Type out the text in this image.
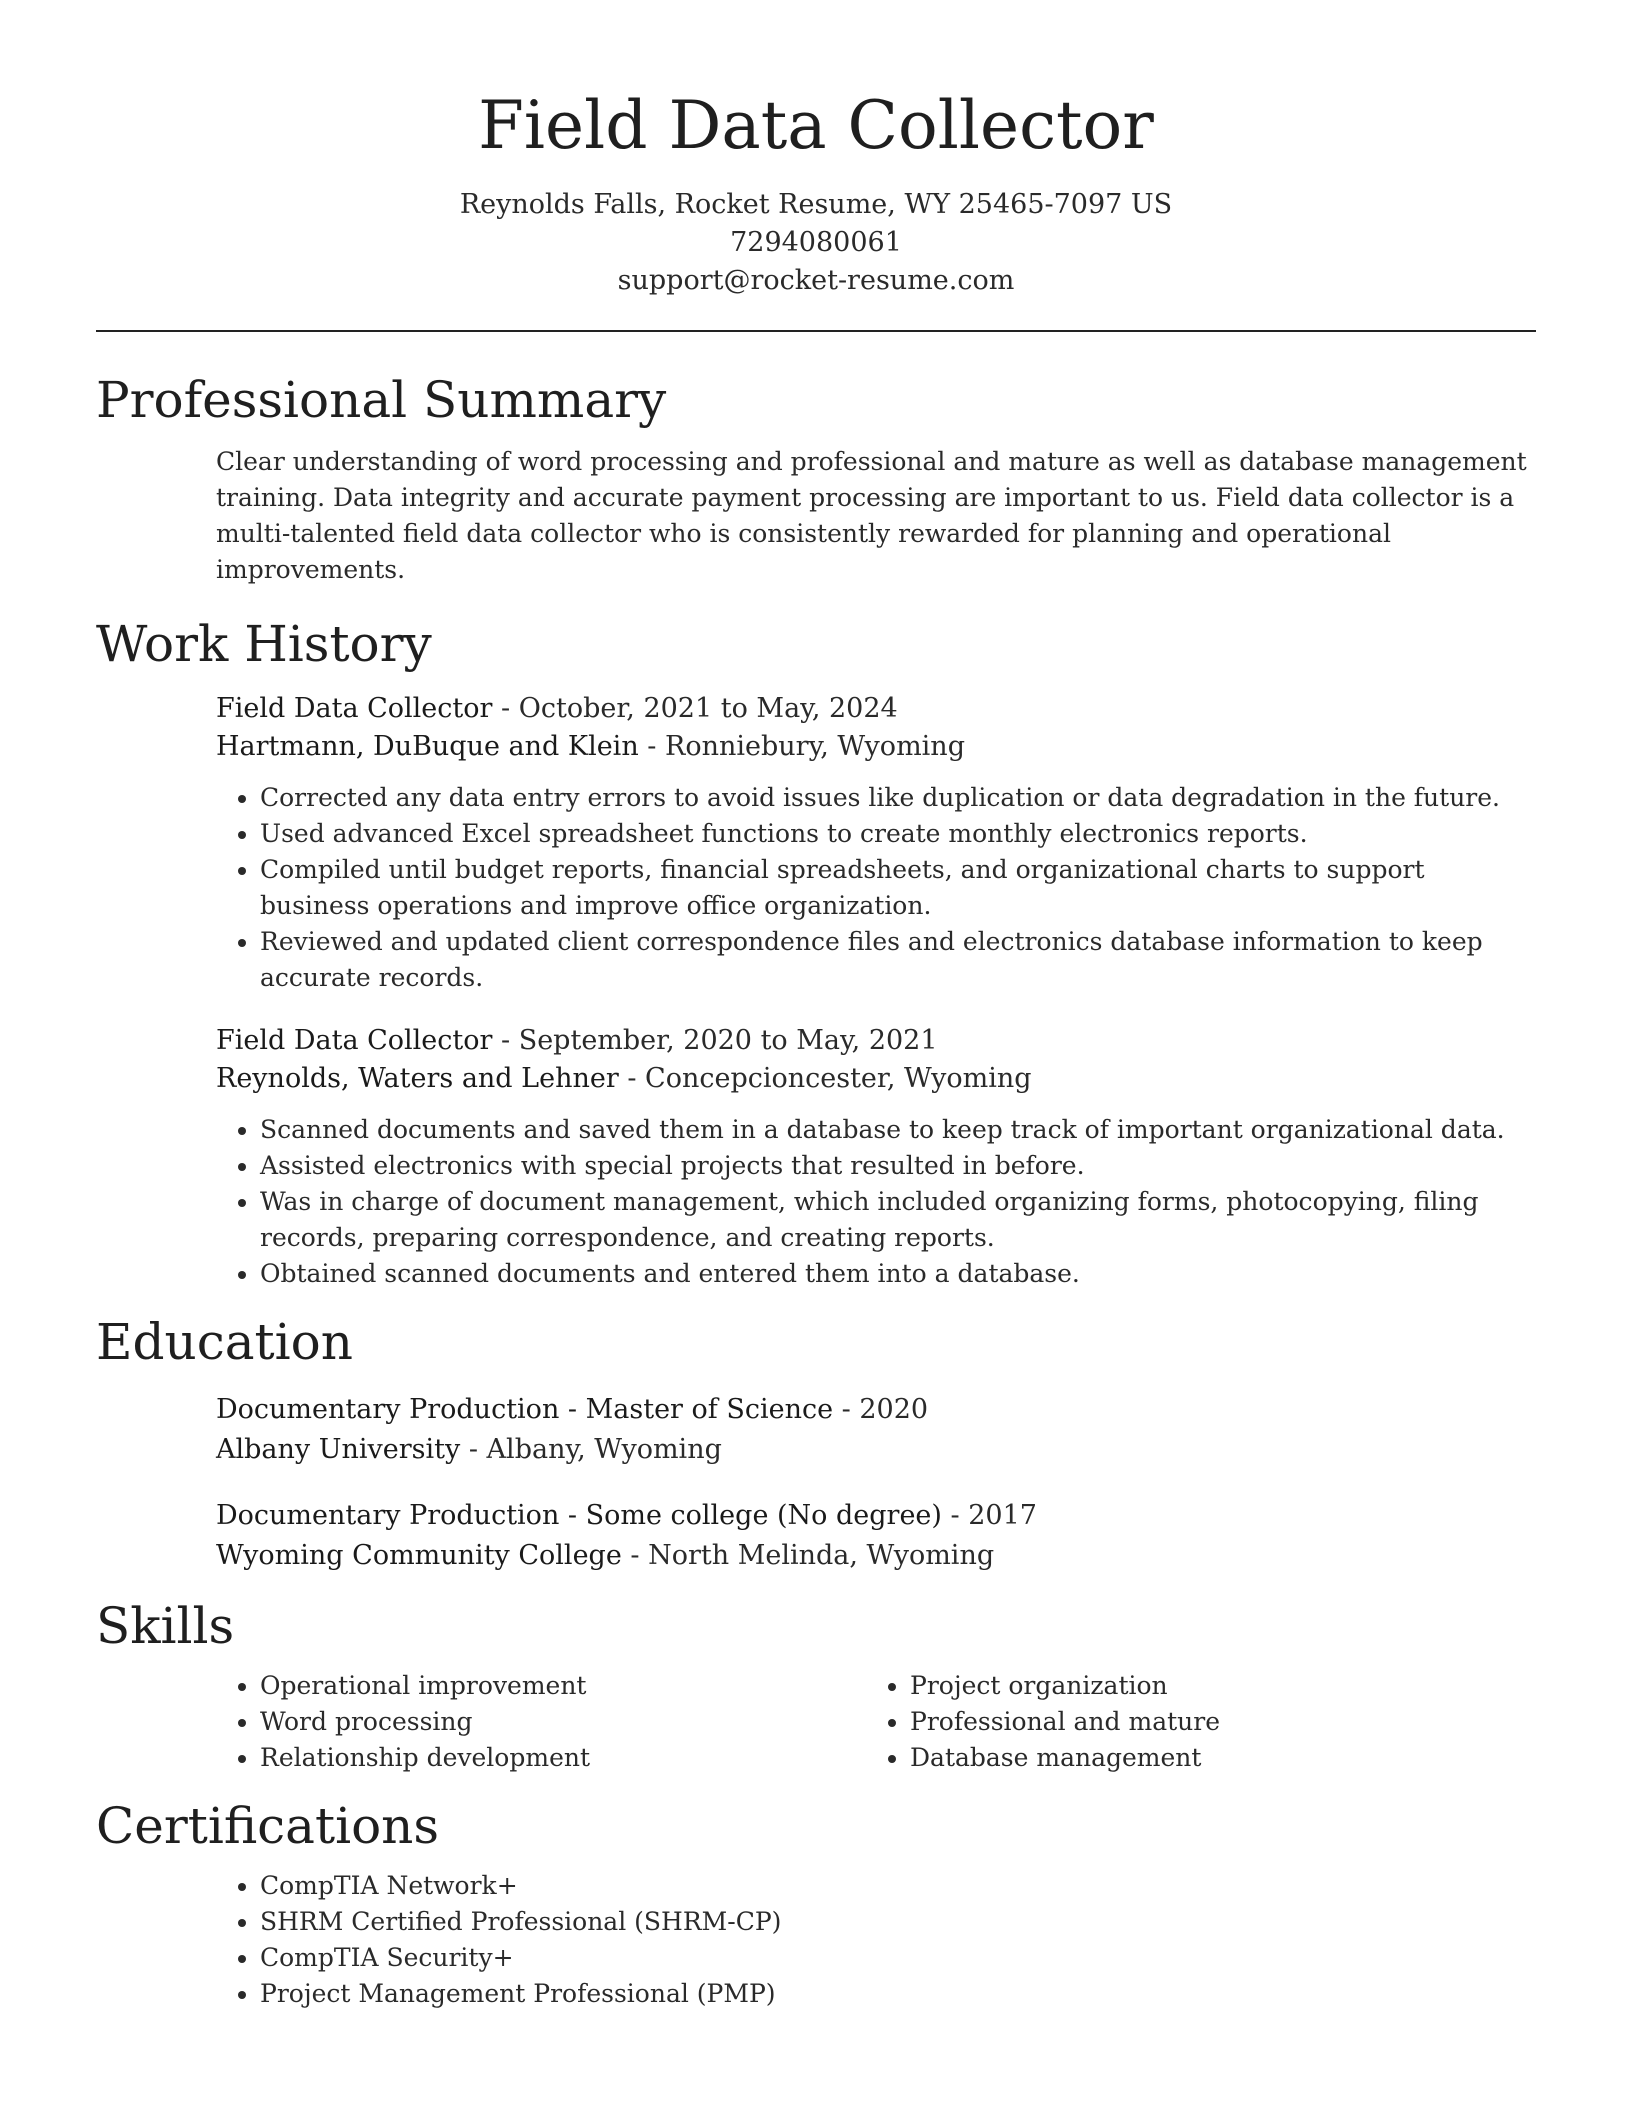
Field Data Collector
Reynolds Falls, Rocket Resume, WY 25465-7097 US
7294080061
support@rocket-resume.com
Professional Summary
Clear understanding of word processing and professional and mature as well as database management training. Data integrity and accurate payment processing are important to us. Field data collector is a multi-talented field data collector who is consistently rewarded for planning and operational improvements.
Work History
Field Data Collector - October, 2021 to May, 2024
Hartmann, DuBuque and Klein - Ronniebury, Wyoming
• Corrected any data entry errors to avoid issues like duplication or data degradation in the future.
• Used advanced Excel spreadsheet functions to create monthly electronics reports.
• Compiled until budget reports, financial spreadsheets, and organizational charts to support business operations and improve office organization.
• Reviewed and updated client correspondence files and electronics database information to keep accurate records.
Field Data Collector - September, 2020 to May, 2021
Reynolds, Waters and Lehner - Concepcioncester, Wyoming
• Scanned documents and saved them in a database to keep track of important organizational data.
• Assisted electronics with special projects that resulted in before.
• Was in charge of document management, which included organizing forms, photocopying, filing records, preparing correspondence, and creating reports.
• Obtained scanned documents and entered them into a database.
Education
Documentary Production - Master of Science - 2020
Albany University - Albany, Wyoming
Documentary Production - Some college (No degree) - 2017
Wyoming Community College - North Melinda, Wyoming
Skills
• Operational improvement
• Word processing
• Relationship development
• Project organization
• Professional and mature
• Database management
Certifications
• CompTIA Network+
• SHRM Certified Professional (SHRM-CP)
• CompTIA Security+
• Project Management Professional (PMP)
